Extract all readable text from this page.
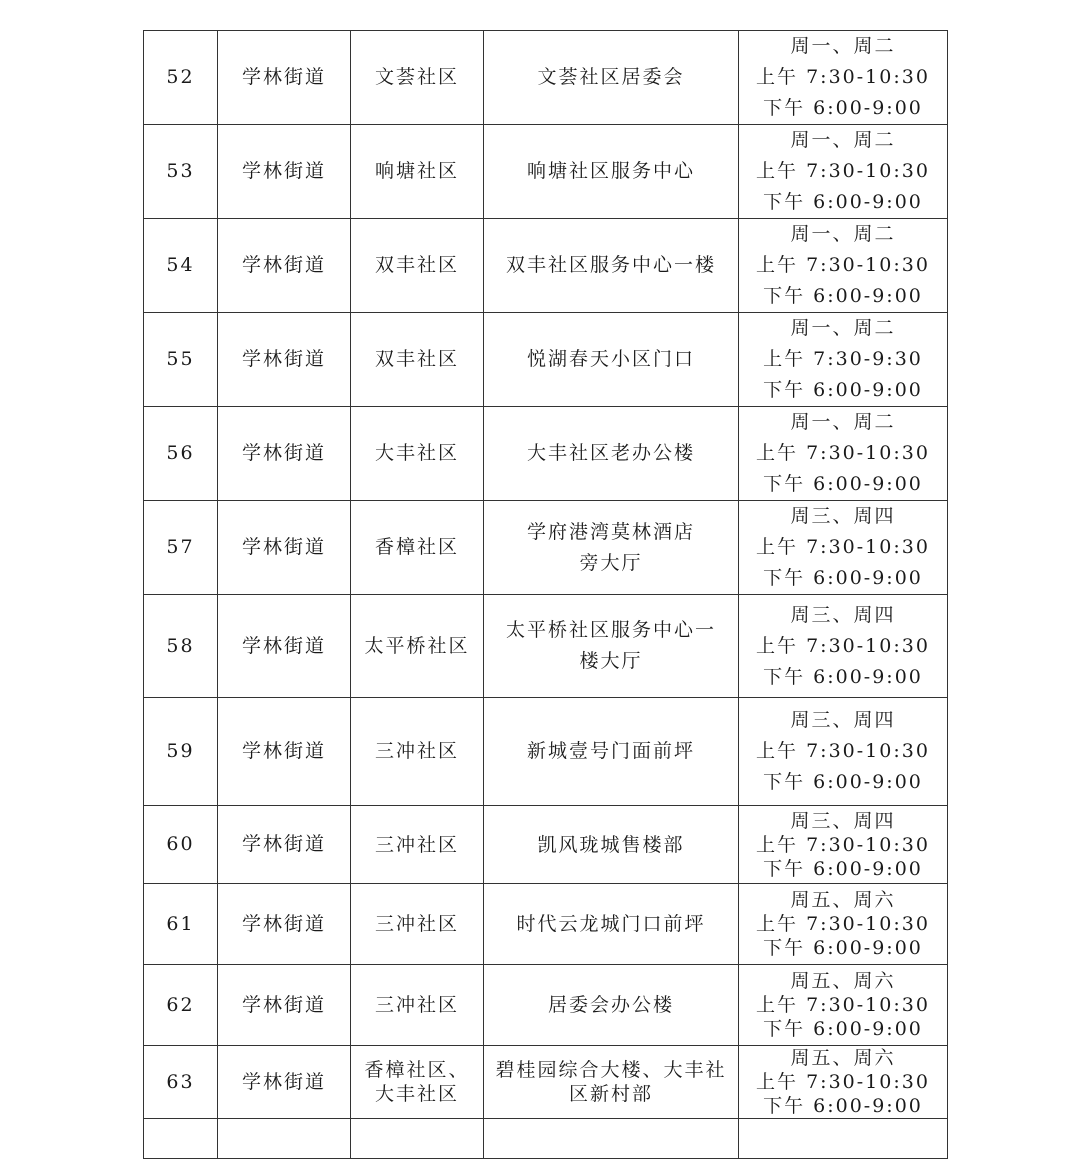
52	学林街道	文荟社区	文荟社区居委会	周一、周二
上午 7:30-10:30
下午 6:00-9:00

53	学林街道	响塘社区	响塘社区服务中心	周一、周二
上午 7:30-10:30
下午 6:00-9:00

54	学林街道	双丰社区	双丰社区服务中心一楼	周一、周二
上午 7:30-10:30
下午 6:00-9:00

55	学林街道	双丰社区	悦湖春天小区门口	周一、周二
上午 7:30-9:30
下午 6:00-9:00

56	学林街道	大丰社区	大丰社区老办公楼	周一、周二
上午 7:30-10:30
下午 6:00-9:00

57	学林街道	香樟社区	学府港湾莫林酒店
旁大厅	周三、周四
上午 7:30-10:30
下午 6:00-9:00

58	学林街道	太平桥社区	太平桥社区服务中心一
楼大厅	周三、周四
上午 7:30-10:30
下午 6:00-9:00

59	学林街道	三冲社区	新城壹号门面前坪	周三、周四
上午 7:30-10:30
下午 6:00-9:00

60	学林街道	三冲社区	凯风珑城售楼部	周三、周四
上午 7:30-10:30
下午 6:00-9:00

61	学林街道	三冲社区	时代云龙城门口前坪	周五、周六
上午 7:30-10:30
下午 6:00-9:00

62	学林街道	三冲社区	居委会办公楼	周五、周六
上午 7:30-10:30
下午 6:00-9:00

63	学林街道	香樟社区、
大丰社区	碧桂园综合大楼、大丰社
区新村部	周五、周六
上午 7:30-10:30
下午 6:00-9:00
